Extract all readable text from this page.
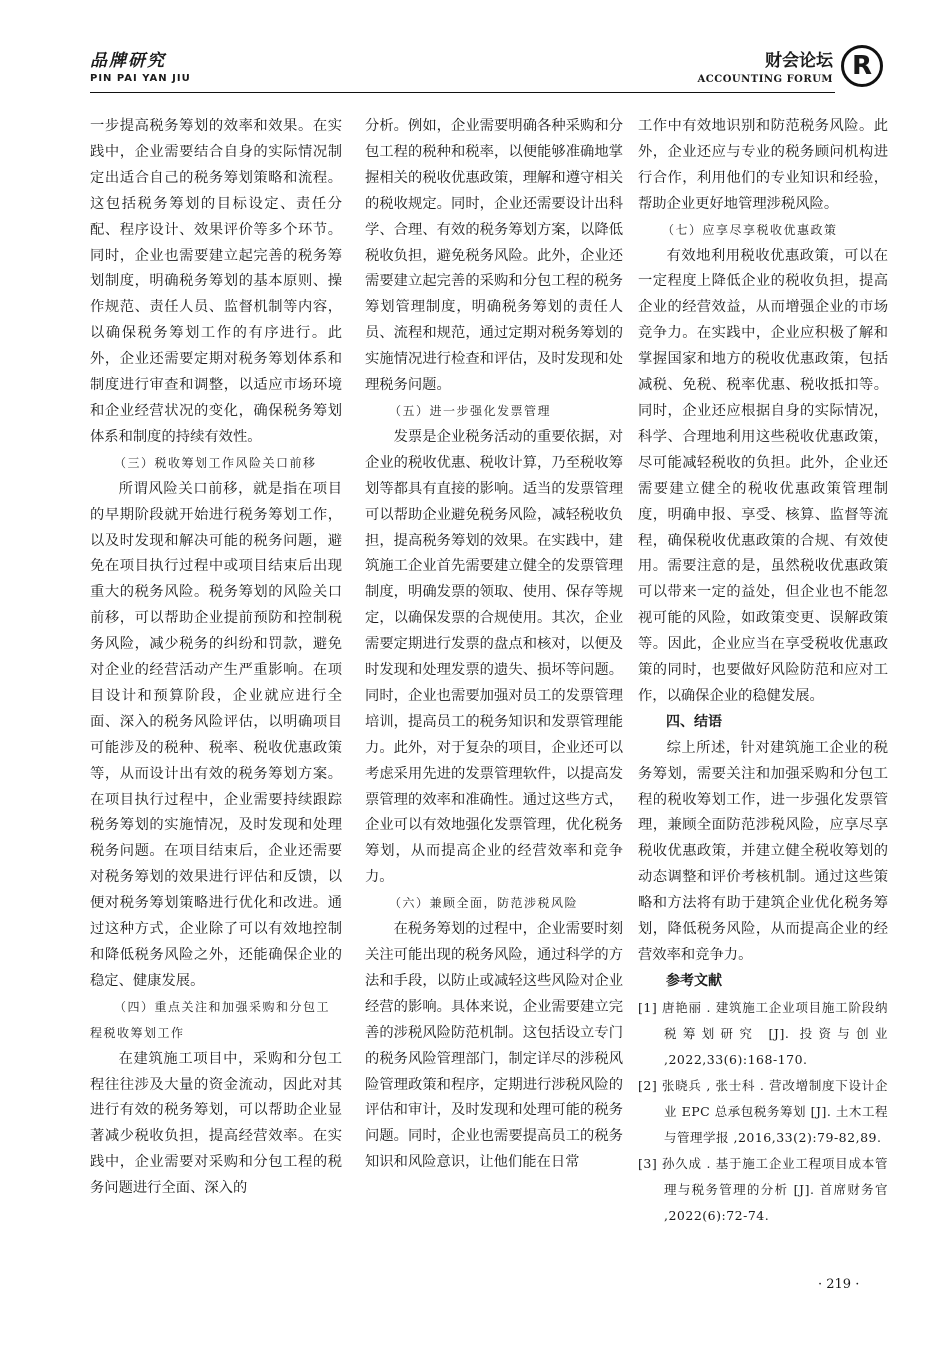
品牌研究
PIN PAI YAN JIU
财会论坛
ACCOUNTING FORUM R

一步提高税务筹划的效率和效果。在实践中，企业需要结合自身的实际情况制定出适合自己的税务筹划策略和流程。这包括税务筹划的目标设定、责任分配、程序设计、效果评价等多个环节。同时，企业也需要建立起完善的税务筹划制度，明确税务筹划的基本原则、操作规范、责任人员、监督机制等内容，以确保税务筹划工作的有序进行。此外，企业还需要定期对税务筹划体系和制度进行审查和调整，以适应市场环境和企业经营状况的变化，确保税务筹划体系和制度的持续有效性。

（三）税收筹划工作风险关口前移

所谓风险关口前移，就是指在项目的早期阶段就开始进行税务筹划工作，以及时发现和解决可能的税务问题，避免在项目执行过程中或项目结束后出现重大的税务风险。税务筹划的风险关口前移，可以帮助企业提前预防和控制税务风险，减少税务的纠纷和罚款，避免对企业的经营活动产生严重影响。在项目设计和预算阶段，企业就应进行全面、深入的税务风险评估，以明确项目可能涉及的税种、税率、税收优惠政策等，从而设计出有效的税务筹划方案。在项目执行过程中，企业需要持续跟踪税务筹划的实施情况，及时发现和处理税务问题。在项目结束后，企业还需要对税务筹划的效果进行评估和反馈，以便对税务筹划策略进行优化和改进。通过这种方式，企业除了可以有效地控制和降低税务风险之外，还能确保企业的稳定、健康发展。

（四）重点关注和加强采购和分包工程税收筹划工作

在建筑施工项目中，采购和分包工程往往涉及大量的资金流动，因此对其进行有效的税务筹划，可以帮助企业显著减少税收负担，提高经营效率。在实践中，企业需要对采购和分包工程的税务问题进行全面、深入的

分析。例如，企业需要明确各种采购和分包工程的税种和税率，以便能够准确地掌握相关的税收优惠政策，理解和遵守相关的税收规定。同时，企业还需要设计出科学、合理、有效的税务筹划方案，以降低税收负担，避免税务风险。此外，企业还需要建立起完善的采购和分包工程的税务筹划管理制度，明确税务筹划的责任人员、流程和规范，通过定期对税务筹划的实施情况进行检查和评估，及时发现和处理税务问题。

（五）进一步强化发票管理

发票是企业税务活动的重要依据，对企业的税收优惠、税收计算，乃至税收筹划等都具有直接的影响。适当的发票管理可以帮助企业避免税务风险，减轻税收负担，提高税务筹划的效果。在实践中，建筑施工企业首先需要建立健全的发票管理制度，明确发票的领取、使用、保存等规定，以确保发票的合规使用。其次，企业需要定期进行发票的盘点和核对，以便及时发现和处理发票的遗失、损坏等问题。同时，企业也需要加强对员工的发票管理培训，提高员工的税务知识和发票管理能力。此外，对于复杂的项目，企业还可以考虑采用先进的发票管理软件，以提高发票管理的效率和准确性。通过这些方式，企业可以有效地强化发票管理，优化税务筹划，从而提高企业的经营效率和竞争力。

（六）兼顾全面，防范涉税风险

在税务筹划的过程中，企业需要时刻关注可能出现的税务风险，通过科学的方法和手段，以防止或减轻这些风险对企业经营的影响。具体来说，企业需要建立完善的涉税风险防范机制。这包括设立专门的税务风险管理部门，制定详尽的涉税风险管理政策和程序，定期进行涉税风险的评估和审计，及时发现和处理可能的税务问题。同时，企业也需要提高员工的税务知识和风险意识，让他们能在日常

工作中有效地识别和防范税务风险。此外，企业还应与专业的税务顾问机构进行合作，利用他们的专业知识和经验，帮助企业更好地管理涉税风险。

（七）应享尽享税收优惠政策

有效地利用税收优惠政策，可以在一定程度上降低企业的税收负担，提高企业的经营效益，从而增强企业的市场竞争力。在实践中，企业应积极了解和掌握国家和地方的税收优惠政策，包括减税、免税、税率优惠、税收抵扣等。同时，企业还应根据自身的实际情况，科学、合理地利用这些税收优惠政策，尽可能减轻税收的负担。此外，企业还需要建立健全的税收优惠政策管理制度，明确申报、享受、核算、监督等流程，确保税收优惠政策的合规、有效使用。需要注意的是，虽然税收优惠政策可以带来一定的益处，但企业也不能忽视可能的风险，如政策变更、误解政策等。因此，企业应当在享受税收优惠政策的同时，也要做好风险防范和应对工作，以确保企业的稳健发展。

四、结语

综上所述，针对建筑施工企业的税务筹划，需要关注和加强采购和分包工程的税收筹划工作，进一步强化发票管理，兼顾全面防范涉税风险，应享尽享税收优惠政策，并建立健全税收筹划的动态调整和评价考核机制。通过这些策略和方法将有助于建筑企业优化税务筹划，降低税务风险，从而提高企业的经营效率和竞争力。

参考文献

[1] 唐艳丽 . 建筑施工企业项目施工阶段纳税筹划研究 [J]. 投资与创业 ,2022,33(6):168-170.

[2] 张晓兵 , 张士科 . 营改增制度下设计企业 EPC 总承包税务筹划 [J]. 土木工程与管理学报 ,2016,33(2):79-82,89.

[3] 孙久成 . 基于施工企业工程项目成本管理与税务管理的分析 [J]. 首席财务官 ,2022(6):72-74.

· 219 ·
